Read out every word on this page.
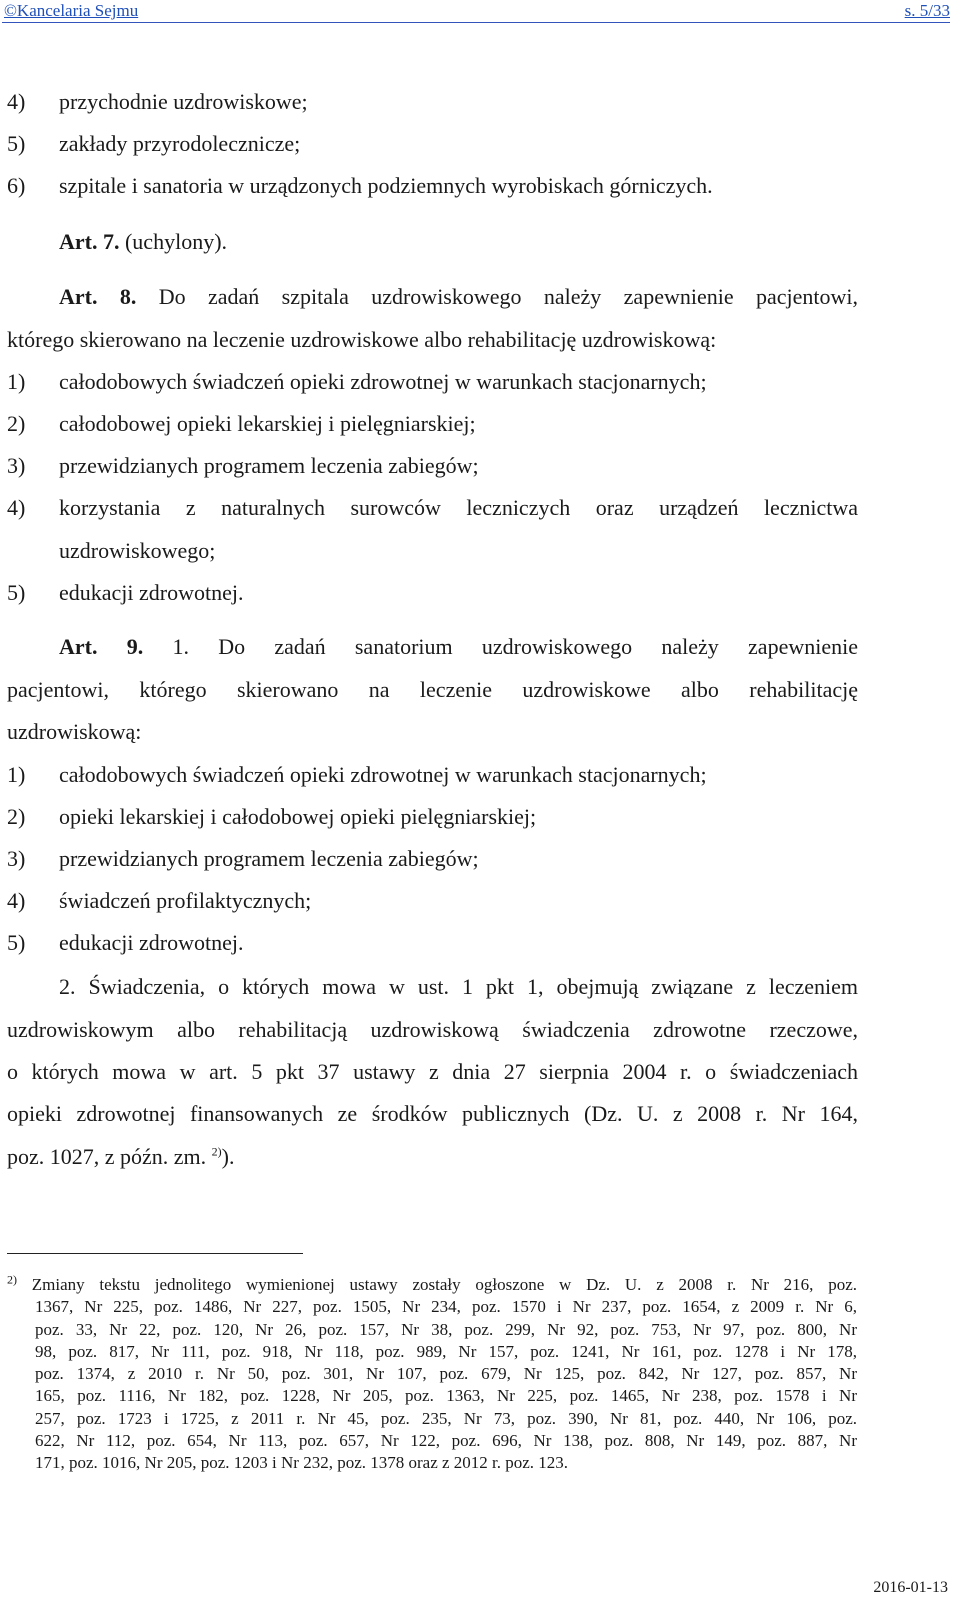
©Kancelaria Sejmu	s. 5/33
4) przychodnie uzdrowiskowe;
5) zakłady przyrodolecznicze;
6) szpitale i sanatoria w urządzonych podziemnych wyrobiskach górniczych.
Art. 7. (uchylony).
Art. 8. Do zadań szpitala uzdrowiskowego należy zapewnienie pacjentowi,
którego skierowano na leczenie uzdrowiskowe albo rehabilitację uzdrowiskową:
1) całodobowych świadczeń opieki zdrowotnej w warunkach stacjonarnych;
2) całodobowej opieki lekarskiej i pielęgniarskiej;
3) przewidzianych programem leczenia zabiegów;
4) korzystania z naturalnych surowców leczniczych oraz urządzeń lecznictwa
uzdrowiskowego;
5) edukacji zdrowotnej.
Art. 9. 1. Do zadań sanatorium uzdrowiskowego należy zapewnienie
pacjentowi, którego skierowano na leczenie uzdrowiskowe albo rehabilitację
uzdrowiskową:
1) całodobowych świadczeń opieki zdrowotnej w warunkach stacjonarnych;
2) opieki lekarskiej i całodobowej opieki pielęgniarskiej;
3) przewidzianych programem leczenia zabiegów;
4) świadczeń profilaktycznych;
5) edukacji zdrowotnej.
2. Świadczenia, o których mowa w ust. 1 pkt 1, obejmują związane z leczeniem
uzdrowiskowym albo rehabilitacją uzdrowiskową świadczenia zdrowotne rzeczowe,
o których mowa w art. 5 pkt 37 ustawy z dnia 27 sierpnia 2004 r. o świadczeniach
opieki zdrowotnej finansowanych ze środków publicznych (Dz. U. z 2008 r. Nr 164,
poz. 1027, z późn. zm. $^{2)}$).
$^{2)}$ Zmiany tekstu jednolitego wymienionej ustawy zostały ogłoszone w Dz. U. z 2008 r. Nr 216, poz.
1367, Nr 225, poz. 1486, Nr 227, poz. 1505, Nr 234, poz. 1570 i Nr 237, poz. 1654, z 2009 r. Nr 6,
poz. 33, Nr 22, poz. 120, Nr 26, poz. 157, Nr 38, poz. 299, Nr 92, poz. 753, Nr 97, poz. 800, Nr
98, poz. 817, Nr 111, poz. 918, Nr 118, poz. 989, Nr 157, poz. 1241, Nr 161, poz. 1278 i Nr 178,
poz. 1374, z 2010 r. Nr 50, poz. 301, Nr 107, poz. 679, Nr 125, poz. 842, Nr 127, poz. 857, Nr
165, poz. 1116, Nr 182, poz. 1228, Nr 205, poz. 1363, Nr 225, poz. 1465, Nr 238, poz. 1578 i Nr
257, poz. 1723 i 1725, z 2011 r. Nr 45, poz. 235, Nr 73, poz. 390, Nr 81, poz. 440, Nr 106, poz.
622, Nr 112, poz. 654, Nr 113, poz. 657, Nr 122, poz. 696, Nr 138, poz. 808, Nr 149, poz. 887, Nr
171, poz. 1016, Nr 205, poz. 1203 i Nr 232, poz. 1378 oraz z 2012 r. poz. 123.
2016-01-13
